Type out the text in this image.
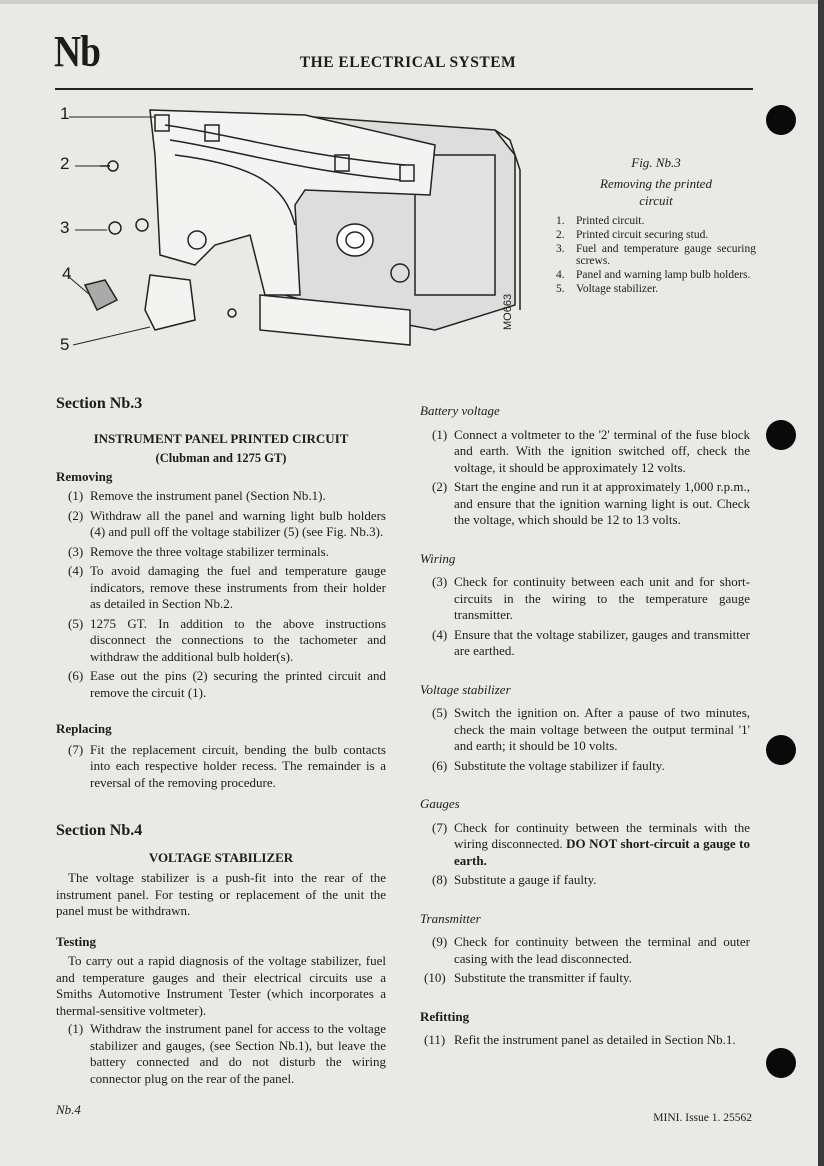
Nb	THE ELECTRICAL SYSTEM
1
2
3
4
5
MO663
Fig. Nb.3
Removing the printed circuit
1. Printed circuit.
2. Printed circuit securing stud.
3. Fuel and temperature gauge securing screws.
4. Panel and warning lamp bulb holders.
5. Voltage stabilizer.
Section Nb.3
INSTRUMENT PANEL PRINTED CIRCUIT
(Clubman and 1275 GT)
Removing
(1) Remove the instrument panel (Section Nb.1).
(2) Withdraw all the panel and warning light bulb holders (4) and pull off the voltage stabilizer (5) (see Fig. Nb.3).
(3) Remove the three voltage stabilizer terminals.
(4) To avoid damaging the fuel and temperature gauge indicators, remove these instruments from their holder as detailed in Section Nb.2.
(5) 1275 GT. In addition to the above instructions disconnect the connections to the tachometer and withdraw the additional bulb holder(s).
(6) Ease out the pins (2) securing the printed circuit and remove the circuit (1).
Replacing
(7) Fit the replacement circuit, bending the bulb contacts into each respective holder recess. The remainder is a reversal of the removing procedure.
Section Nb.4
VOLTAGE STABILIZER
The voltage stabilizer is a push-fit into the rear of the instrument panel. For testing or replacement of the unit the panel must be withdrawn.
Testing
To carry out a rapid diagnosis of the voltage stabilizer, fuel and temperature gauges and their electrical circuits use a Smiths Automotive Instrument Tester (which incorporates a thermal-sensitive voltmeter).
(1) Withdraw the instrument panel for access to the voltage stabilizer and gauges, (see Section Nb.1), but leave the battery connected and do not disturb the wiring connector plug on the rear of the panel.
Nb.4
Battery voltage
(1) Connect a voltmeter to the '2' terminal of the fuse block and earth. With the ignition switched off, check the voltage, it should be approximately 12 volts.
(2) Start the engine and run it at approximately 1,000 r.p.m., and ensure that the ignition warning light is out. Check the voltage, which should be 12 to 13 volts.
Wiring
(3) Check for continuity between each unit and for short-circuits in the wiring to the temperature gauge transmitter.
(4) Ensure that the voltage stabilizer, gauges and transmitter are earthed.
Voltage stabilizer
(5) Switch the ignition on. After a pause of two minutes, check the main voltage between the output terminal '1' and earth; it should be 10 volts.
(6) Substitute the voltage stabilizer if faulty.
Gauges
(7) Check for continuity between the terminals with the wiring disconnected. DO NOT short-circuit a gauge to earth.
(8) Substitute a gauge if faulty.
Transmitter
(9) Check for continuity between the terminal and outer casing with the lead disconnected.
(10) Substitute the transmitter if faulty.
Refitting
(11) Refit the instrument panel as detailed in Section Nb.1.
MINI. Issue 1. 25562
